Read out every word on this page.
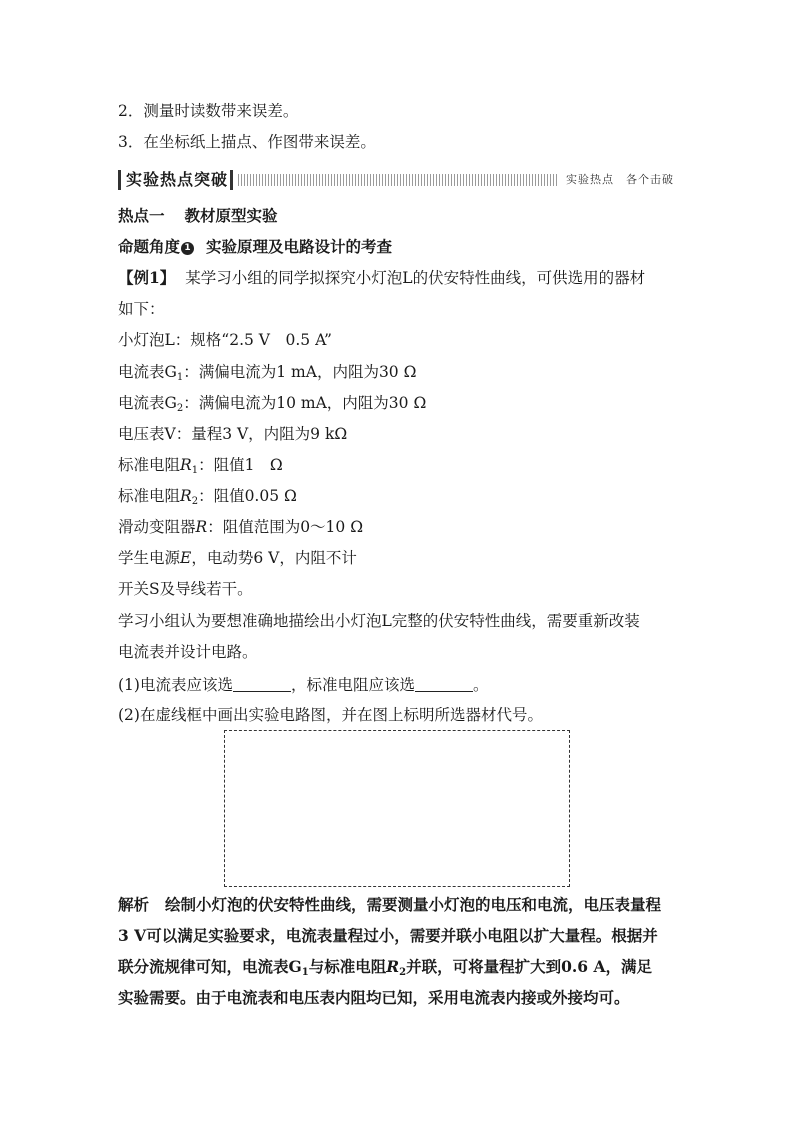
2．测量时读数带来误差。
3．在坐标纸上描点、作图带来误差。
实验热点突破	实验热点　各个击破
热点一 教材原型实验
命题角度 1 实验原理及电路设计的考查
【例1】 某学习小组的同学拟探究小灯泡L的伏安特性曲线，可供选用的器材
如下：
小灯泡L：规格“2.5 V　0.5 A”
电流表$G_1$：满偏电流为1 mA，内阻为30 Ω
电流表$G_2$：满偏电流为10 mA，内阻为30 Ω
电压表V：量程3 V，内阻为9 kΩ
标准电阻$R_1$：阻值1　Ω
标准电阻$R_2$：阻值0.05 Ω
滑动变阻器R：阻值范围为0～10 Ω
学生电源E，电动势6 V，内阻不计
开关S及导线若干。
学习小组认为要想准确地描绘出小灯泡L完整的伏安特性曲线，需要重新改装
电流表并设计电路。
(1)电流表应该选	，标准电阻应该选	。
(2)在虚线框中画出实验电路图，并在图上标明所选器材代号。
解析 绘制小灯泡的伏安特性曲线，需要测量小灯泡的电压和电流，电压表量程
3 V可以满足实验要求，电流表量程过小，需要并联小电阻以扩大量程。根据并
联分流规律可知，电流表$G_1$与标准电阻$R_2$并联，可将量程扩大到0.6 A，满足
实验需要。由于电流表和电压表内阻均已知，采用电流表内接或外接均可。
